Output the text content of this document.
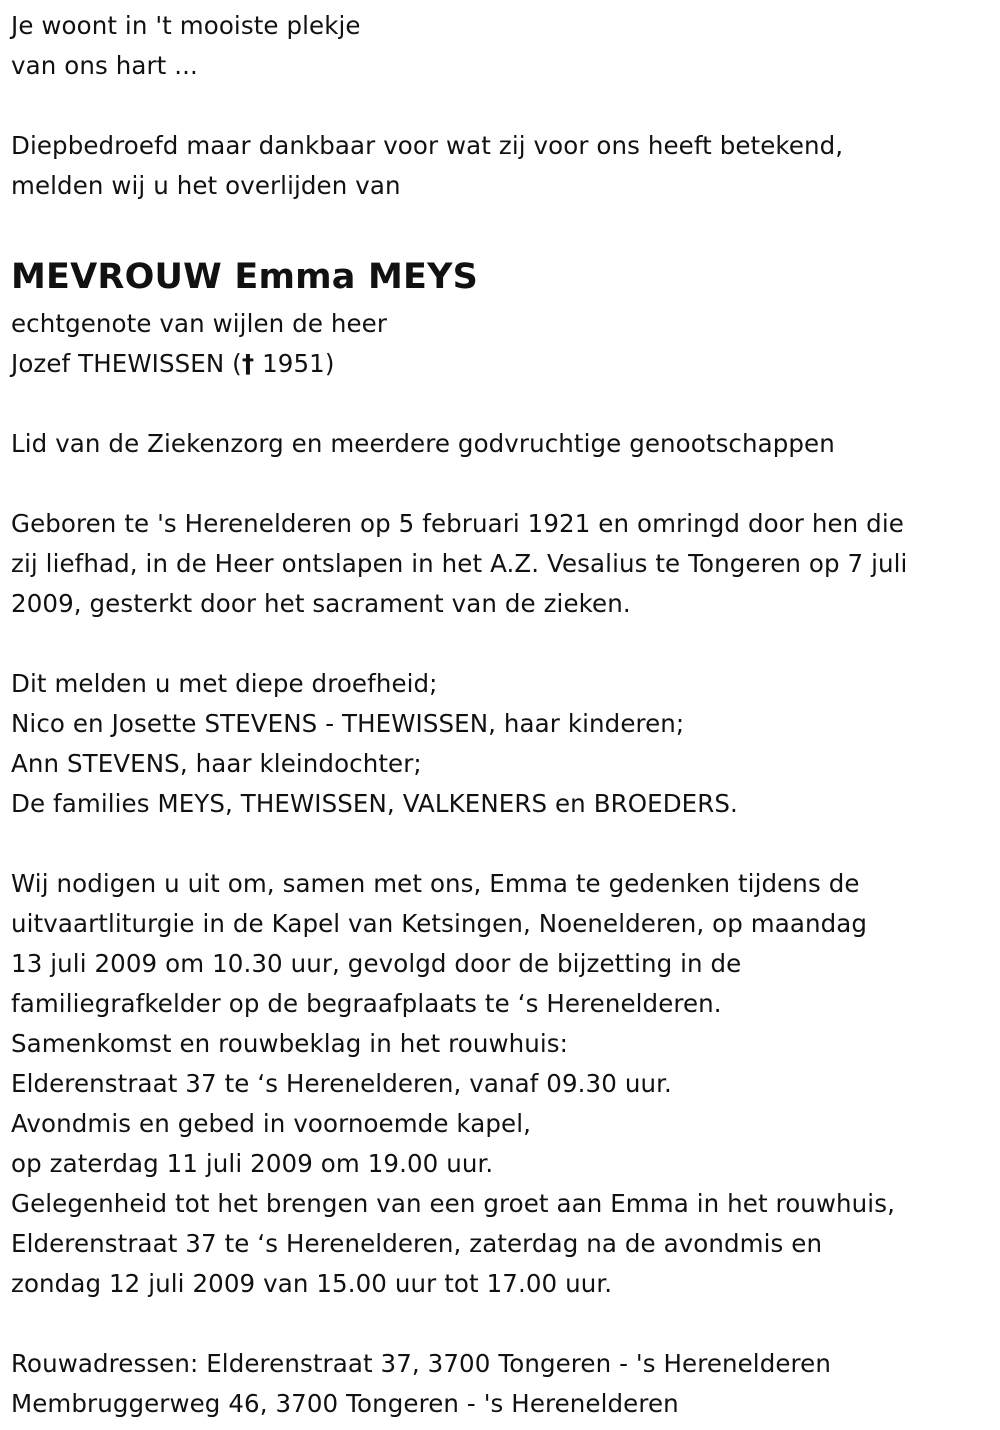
Je woont in 't mooiste plekje
van ons hart ...
Diepbedroefd maar dankbaar voor wat zij voor ons heeft betekend,
melden wij u het overlijden van
MEVROUW Emma MEYS
echtgenote van wijlen de heer
Jozef THEWISSEN († 1951)
Lid van de Ziekenzorg en meerdere godvruchtige genootschappen
Geboren te 's Herenelderen op 5 februari 1921 en omringd door hen die
zij liefhad, in de Heer ontslapen in het A.Z. Vesalius te Tongeren op 7 juli
2009, gesterkt door het sacrament van de zieken.
Dit melden u met diepe droefheid;
Nico en Josette STEVENS - THEWISSEN, haar kinderen;
Ann STEVENS, haar kleindochter;
De families MEYS, THEWISSEN, VALKENERS en BROEDERS.
Wij nodigen u uit om, samen met ons, Emma te gedenken tijdens de
uitvaartliturgie in de Kapel van Ketsingen, Noenelderen, op maandag
13 juli 2009 om 10.30 uur, gevolgd door de bijzetting in de
familiegrafkelder op de begraafplaats te ‘s Herenelderen.
Samenkomst en rouwbeklag in het rouwhuis:
Elderenstraat 37 te ‘s Herenelderen, vanaf 09.30 uur.
Avondmis en gebed in voornoemde kapel,
op zaterdag 11 juli 2009 om 19.00 uur.
Gelegenheid tot het brengen van een groet aan Emma in het rouwhuis,
Elderenstraat 37 te ‘s Herenelderen, zaterdag na de avondmis en
zondag 12 juli 2009 van 15.00 uur tot 17.00 uur.
Rouwadressen: Elderenstraat 37, 3700 Tongeren - 's Herenelderen
Membruggerweg 46, 3700 Tongeren - 's Herenelderen
